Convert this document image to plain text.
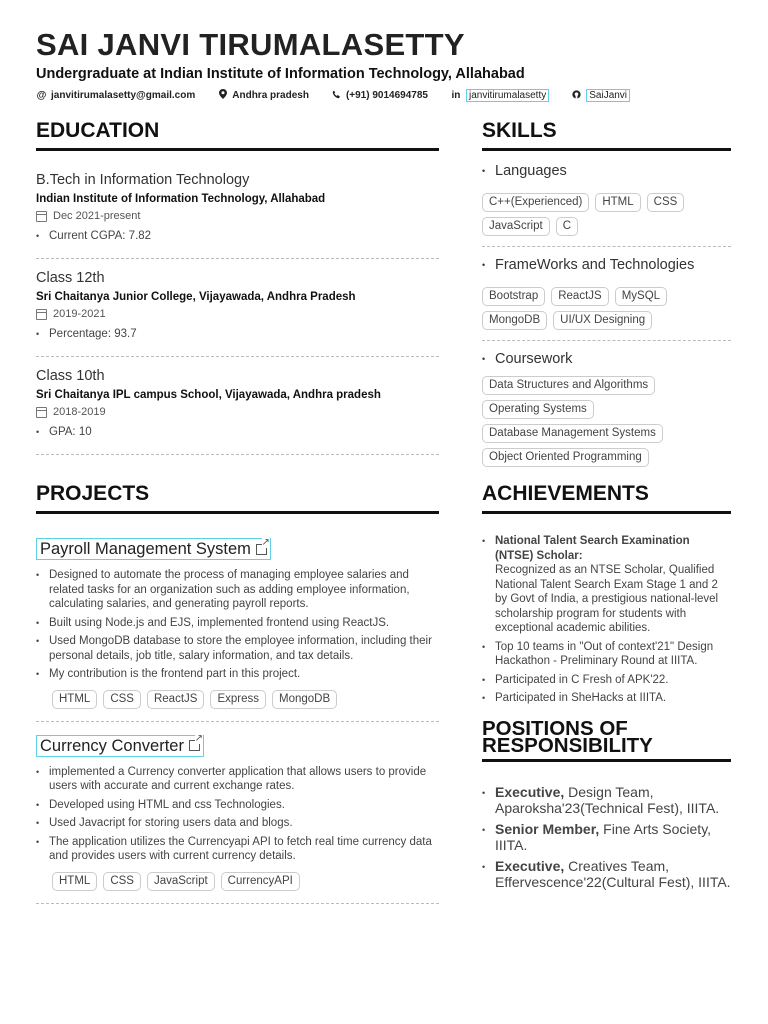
SAI JANVI TIRUMALASETTY
Undergraduate at Indian Institute of Information Technology, Allahabad
@ janvitirumalasetty@gmail.com	Andhra pradesh	(+91) 9014694785 in janvitirumalasetty	SaiJanvi
EDUCATION
B.Tech in Information Technology
Indian Institute of Information Technology, Allahabad
Dec 2021-present
• Current CGPA: 7.82
Class 12th
Sri Chaitanya Junior College, Vijayawada, Andhra Pradesh
2019-2021
• Percentage: 93.7
Class 10th
Sri Chaitanya IPL campus School, Vijayawada, Andhra pradesh
2018-2019
• GPA: 10
PROJECTS
Payroll Management System
↗
• Designed to automate the process of managing employee salaries and related tasks for an organization such as adding employee information, calculating salaries, and generating payroll reports.
• Built using Node.js and EJS, implemented frontend using ReactJS.
• Used MongoDB database to store the employee information, including their personal details, job title, salary information, and tax details.
• My contribution is the frontend part in this project.
HTML	CSS	ReactJS	Express	MongoDB
Currency Converter
↗
• implemented a Currency converter application that allows users to provide users with accurate and current exchange rates.
• Developed using HTML and css Technologies.
• Used Javacript for storing users data and blogs.
• The application utilizes the Currencyapi API to fetch real time currency data and provides users with current currency details.
HTML	CSS	JavaScript	CurrencyAPI
SKILLS
• Languages
C++(Experienced)	HTML	CSS
JavaScript	C
• FrameWorks and Technologies
Bootstrap	ReactJS	MySQL
MongoDB	UI/UX Designing
• Coursework
Data Structures and Algorithms
Operating Systems
Database Management Systems
Object Oriented Programming
ACHIEVEMENTS
• National Talent Search Examination (NTSE) Scholar:
Recognized as an NTSE Scholar, Qualified National Talent Search Exam Stage 1 and 2 by Govt of India, a prestigious national-level scholarship program for students with exceptional academic abilities.
• Top 10 teams in "Out of context'21" Design Hackathon - Preliminary Round at IIITA.
• Participated in C Fresh of APK'22.
• Participated in SheHacks at IIITA.
POSITIONS OF
RESPONSIBILITY
• Executive, Design Team, Aparoksha'23(Technical Fest), IIITA.
• Senior Member, Fine Arts Society, IIITA.
• Executive, Creatives Team, Effervescence'22(Cultural Fest), IIITA.
